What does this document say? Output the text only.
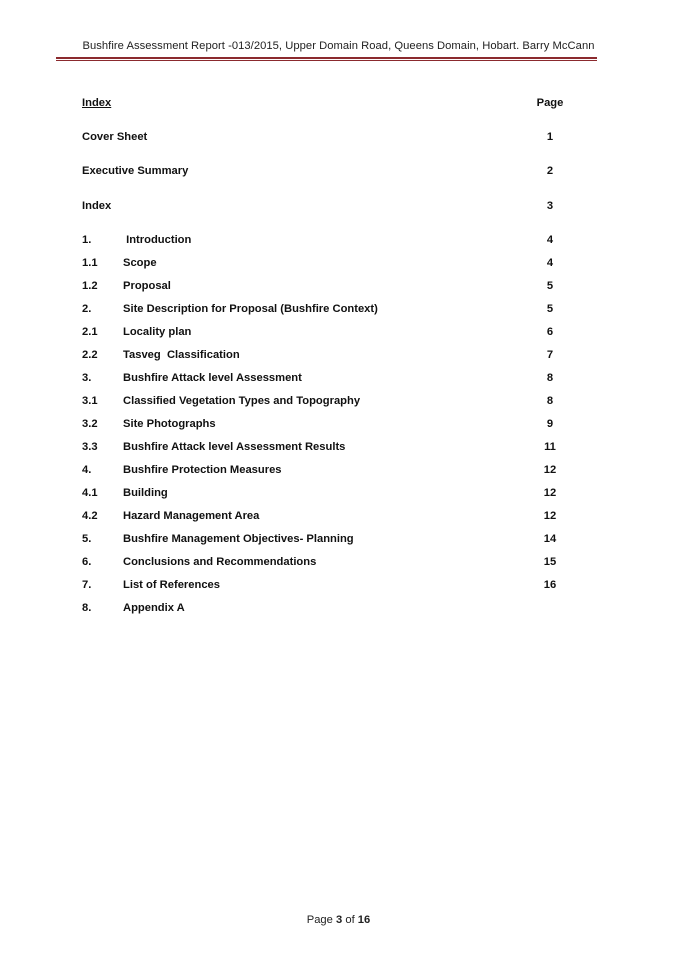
Bushfire Assessment Report -013/2015, Upper Domain Road, Queens Domain, Hobart. Barry McCann
Index	Page
Cover Sheet	1
Executive Summary	2
Index	3
1.	Introduction	4
1.1 Scope	4
1.2 Proposal	5
2.	Site Description for Proposal (Bushfire Context)	5
2.1 Locality plan	6
2.2 Tasveg  Classification	7
3.	Bushfire Attack level Assessment	8
3.1 Classified Vegetation Types and Topography	8
3.2 Site Photographs	9
3.3 Bushfire Attack level Assessment Results	11
4.	Bushfire Protection Measures	12
4.1 Building	12
4.2 Hazard Management Area	12
5.	Bushfire Management Objectives- Planning	14
6.	Conclusions and Recommendations	15
7.	List of References	16
8.	Appendix A
Page 3 of 16
